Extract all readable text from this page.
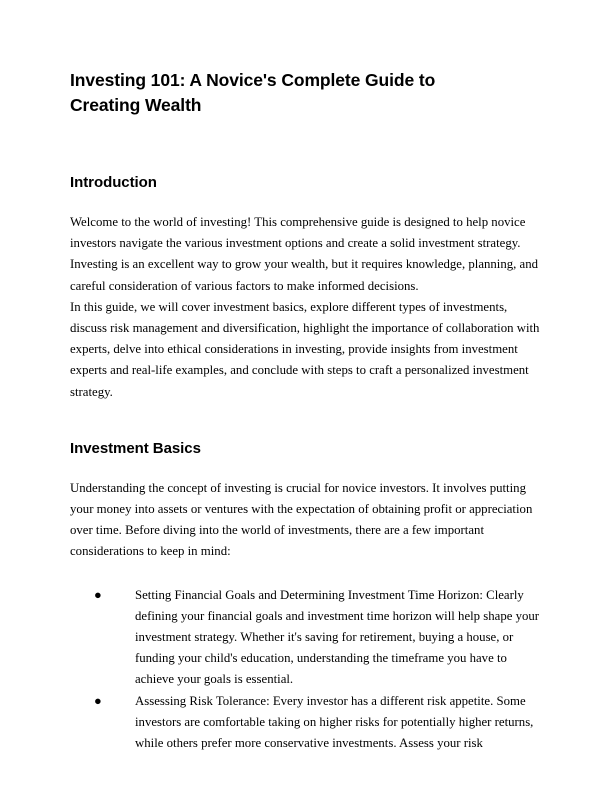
Investing 101: A Novice's Complete Guide to Creating Wealth
Introduction

Welcome to the world of investing! This comprehensive guide is designed to help novice investors navigate the various investment options and create a solid investment strategy. Investing is an excellent way to grow your wealth, but it requires knowledge, planning, and careful consideration of various factors to make informed decisions.

In this guide, we will cover investment basics, explore different types of investments, discuss risk management and diversification, highlight the importance of collaboration with experts, delve into ethical considerations in investing, provide insights from investment experts and real-life examples, and conclude with steps to craft a personalized investment strategy.

Investment Basics

Understanding the concept of investing is crucial for novice investors. It involves putting your money into assets or ventures with the expectation of obtaining profit or appreciation over time. Before diving into the world of investments, there are a few important considerations to keep in mind:

●	Setting Financial Goals and Determining Investment Time Horizon: Clearly defining your financial goals and investment time horizon will help shape your investment strategy. Whether it's saving for retirement, buying a house, or funding your child's education, understanding the timeframe you have to achieve your goals is essential.
●	Assessing Risk Tolerance: Every investor has a different risk appetite. Some investors are comfortable taking on higher risks for potentially higher returns, while others prefer more conservative investments. Assess your risk
